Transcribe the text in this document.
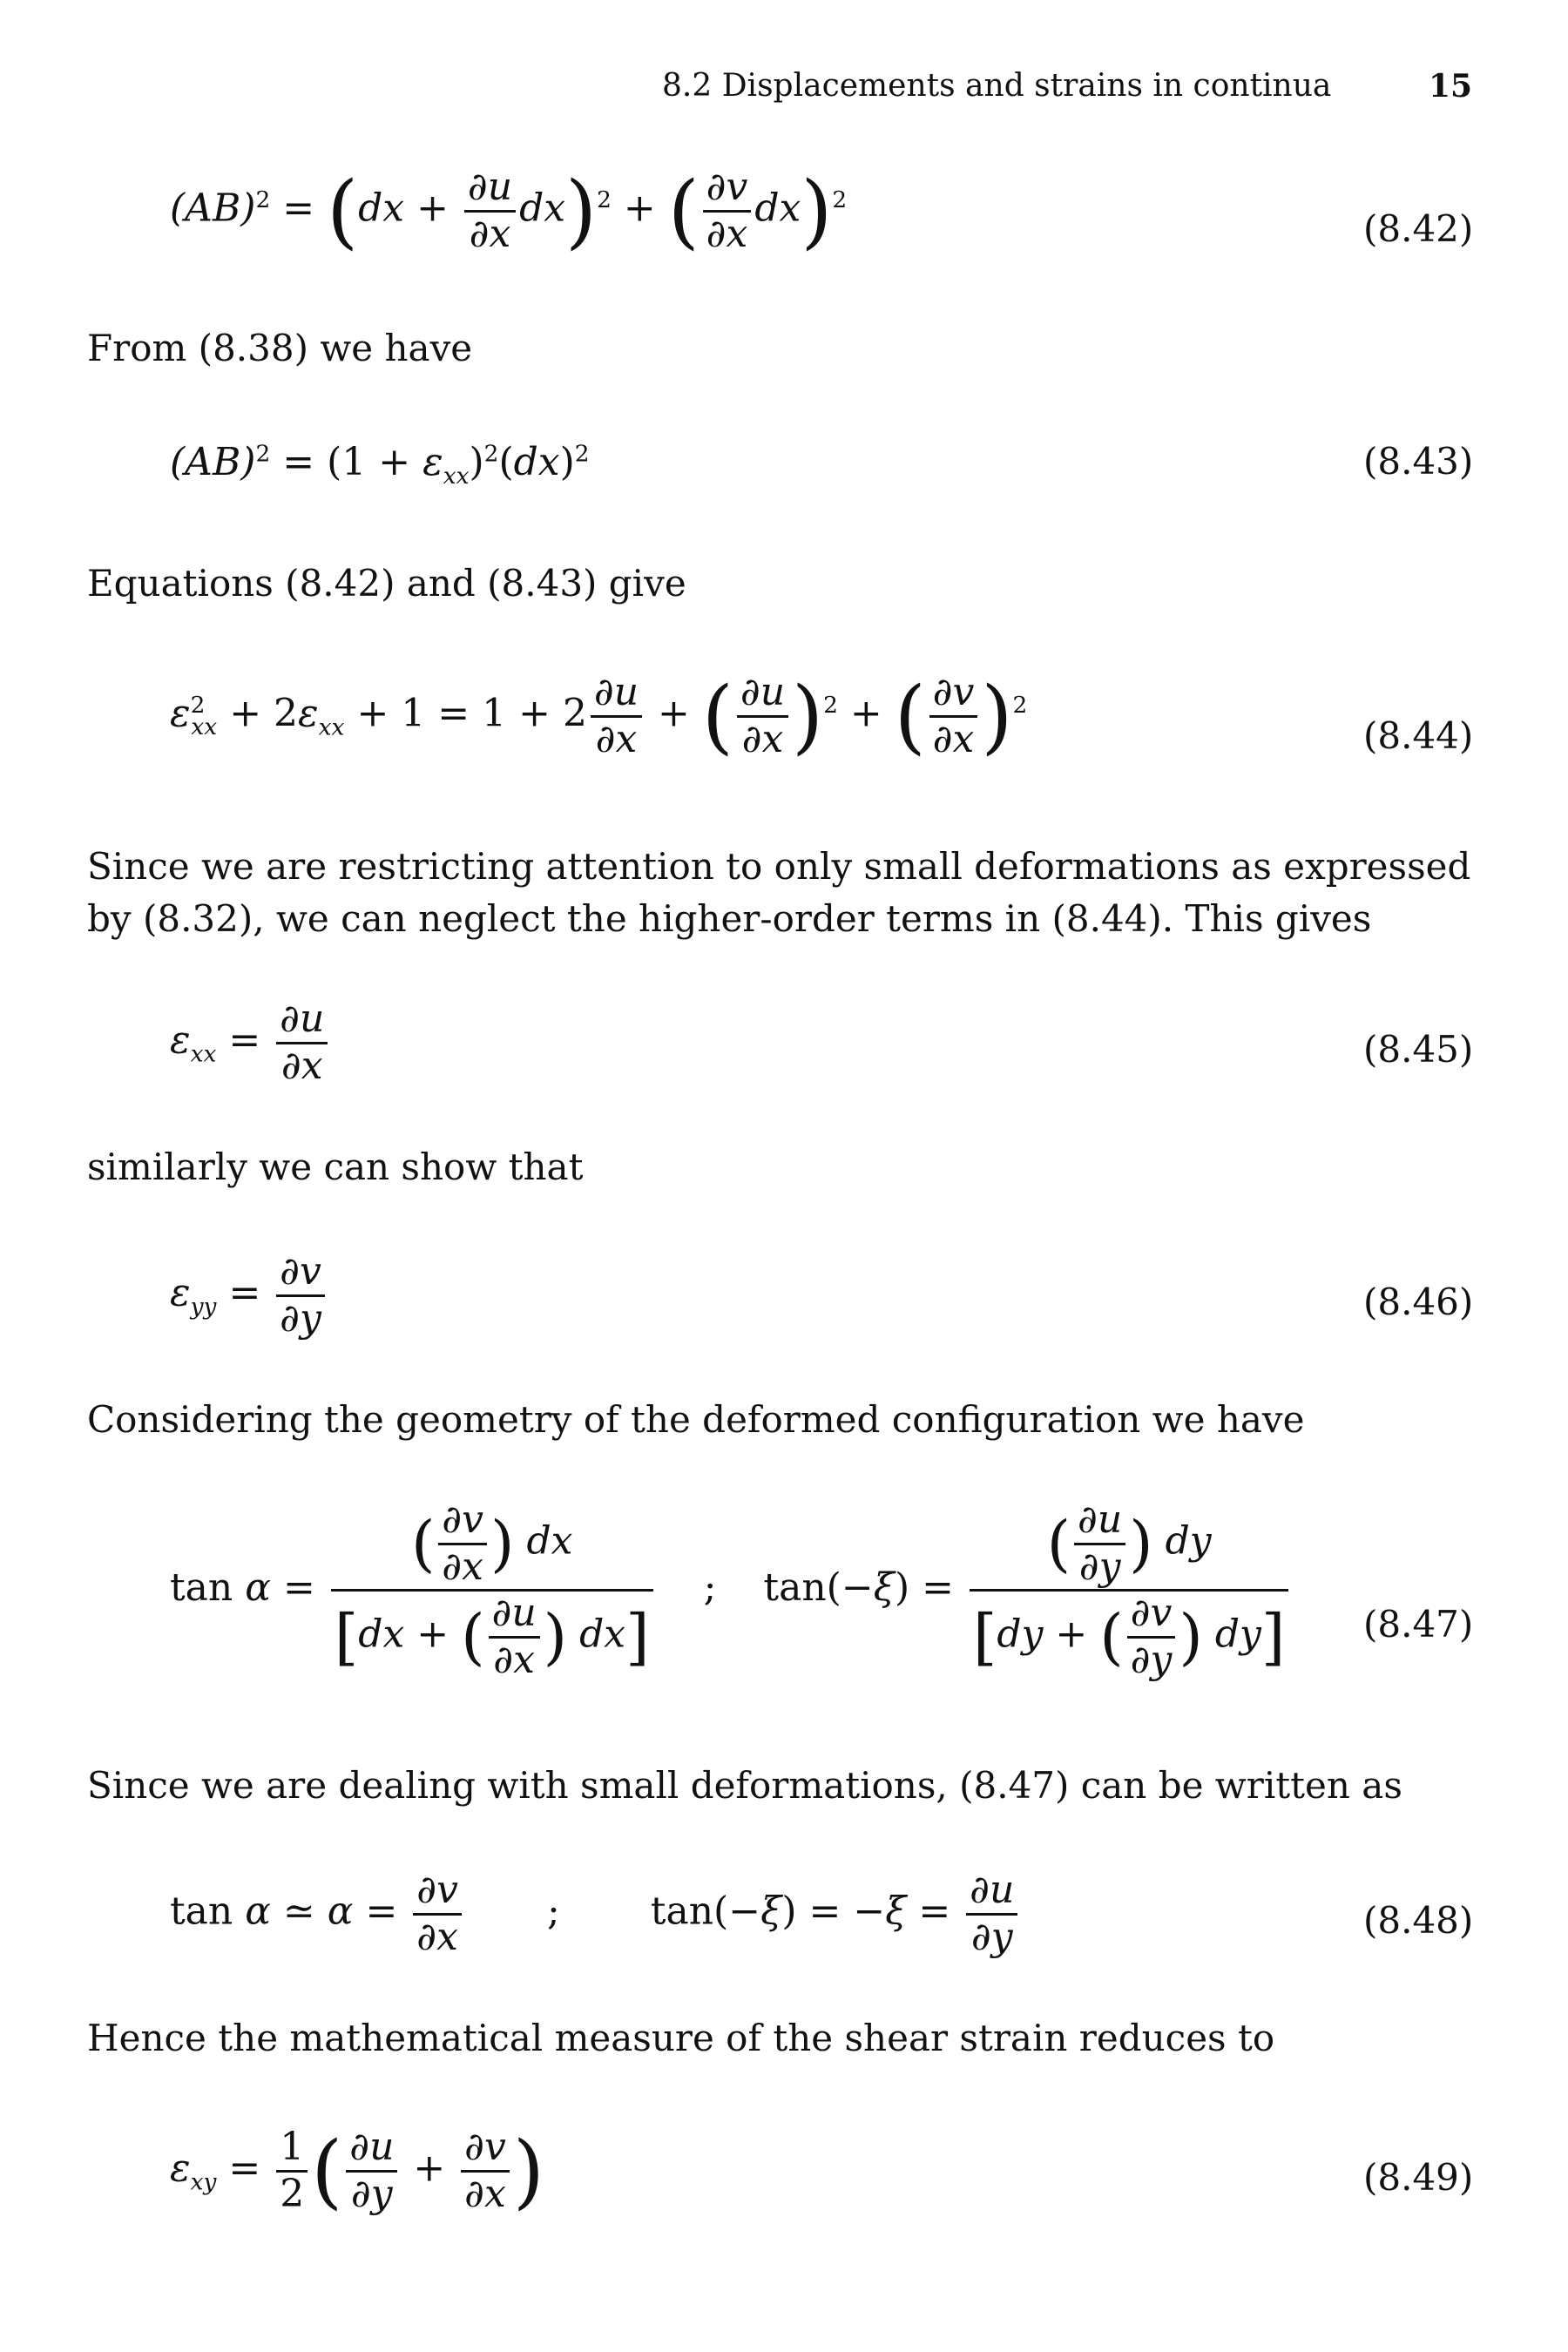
8.2 Displacements and strains in continua	15
$(AB)^2 = (dx + \frac{\partial u}{\partial x} dx)^2$ + ( $\frac{\partial v}{\partial x} dx)^2$
(8.42)
From (8.38) we have
$(AB)^2 = (1 + \varepsilon_{xx})^2(dx)^2$	(8.43)
Equations (8.42) and (8.43) give
$\varepsilon^2_{xx} + 2\varepsilon_{xx} + 1 = 1 + 2 \frac{\partial u}{\partial x}$ + ( $\frac{\partial u}{\partial x} )^2$ + ( $\frac{\partial v}{\partial x} )^2$
(8.44)
Since we are restricting attention to only small deformations as expressed by (8.32), we can neglect the higher-order terms in (8.44). This gives
$\varepsilon_{xx} = \frac{\partial u}{\partial x}$	(8.45)
similarly we can show that
$\varepsilon_{yy} = \frac{\partial v}{\partial y}$	(8.46)
Considering the geometry of the deformed configuration we have
$\tan \alpha = \frac{( \frac{\partial v}{\partial x} ) dx}{[dx + ( \frac{\partial u}{\partial x} ) dx]}$ ; $\tan(-\xi) = \frac{( \frac{\partial u}{\partial y} ) dy}{[dy + ( \frac{\partial v}{\partial y} ) dy]} (8.47)$
Since we are dealing with small deformations, (8.47) can be written as
tan α ≃ $\alpha = \frac{\partial v}{\partial x}$ ; $\tan(-\xi) = -\xi = \frac{\partial u}{\partial y}$	(8.48)
Hence the mathematical measure of the shear strain reduces to
$\varepsilon_{xy} = \frac{1}{2}$ ( $\frac{\partial u}{\partial y} + \frac{\partial v}{\partial x}$ )	(8.49)
